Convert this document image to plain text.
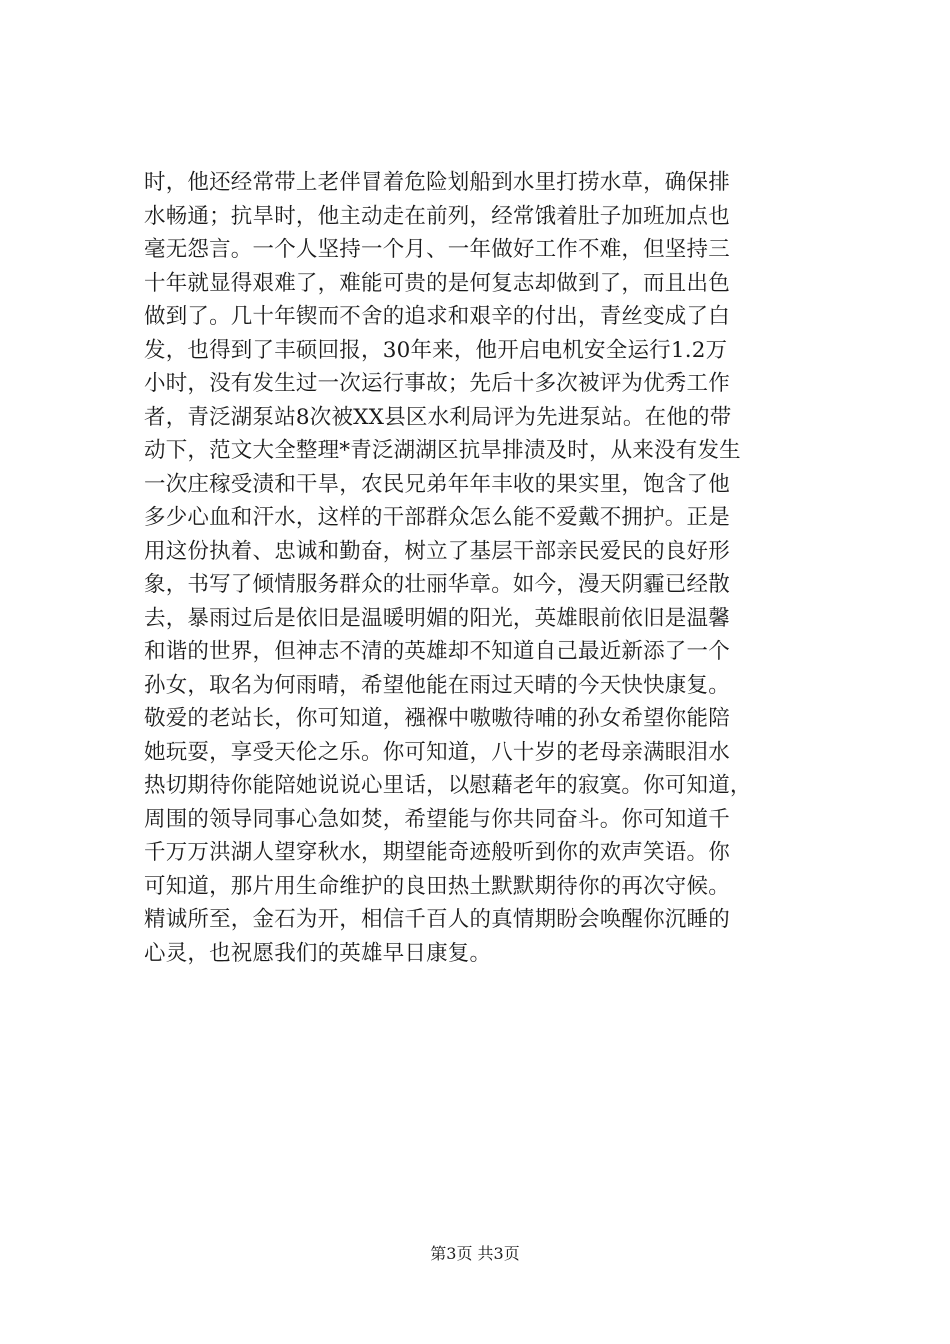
时，他还经常带上老伴冒着危险划船到水里打捞水草，确保排
水畅通；抗旱时，他主动走在前列，经常饿着肚子加班加点也
毫无怨言。一个人坚持一个月、一年做好工作不难，但坚持三
十年就显得艰难了，难能可贵的是何复志却做到了，而且出色
做到了。几十年锲而不舍的追求和艰辛的付出，青丝变成了白
发，也得到了丰硕回报，30年来，他开启电机安全运行1.2万
小时，没有发生过一次运行事故；先后十多次被评为优秀工作
者，青泛湖泵站8次被XX县区水利局评为先进泵站。在他的带
动下，范文大全整理*青泛湖湖区抗旱排渍及时，从来没有发生
一次庄稼受渍和干旱，农民兄弟年年丰收的果实里，饱含了他
多少心血和汗水，这样的干部群众怎么能不爱戴不拥护。正是
用这份执着、忠诚和勤奋，树立了基层干部亲民爱民的良好形
象，书写了倾情服务群众的壮丽华章。如今，漫天阴霾已经散
去，暴雨过后是依旧是温暖明媚的阳光，英雄眼前依旧是温馨
和谐的世界，但神志不清的英雄却不知道自己最近新添了一个
孙女，取名为何雨晴，希望他能在雨过天晴的今天快快康复。
敬爱的老站长，你可知道，襁褓中嗷嗷待哺的孙女希望你能陪
她玩耍，享受天伦之乐。你可知道，八十岁的老母亲满眼泪水
热切期待你能陪她说说心里话，以慰藉老年的寂寞。你可知道，
周围的领导同事心急如焚，希望能与你共同奋斗。你可知道千
千万万洪湖人望穿秋水，期望能奇迹般听到你的欢声笑语。你
可知道，那片用生命维护的良田热土默默期待你的再次守候。
精诚所至，金石为开，相信千百人的真情期盼会唤醒你沉睡的
心灵，也祝愿我们的英雄早日康复。
第3页 共3页
